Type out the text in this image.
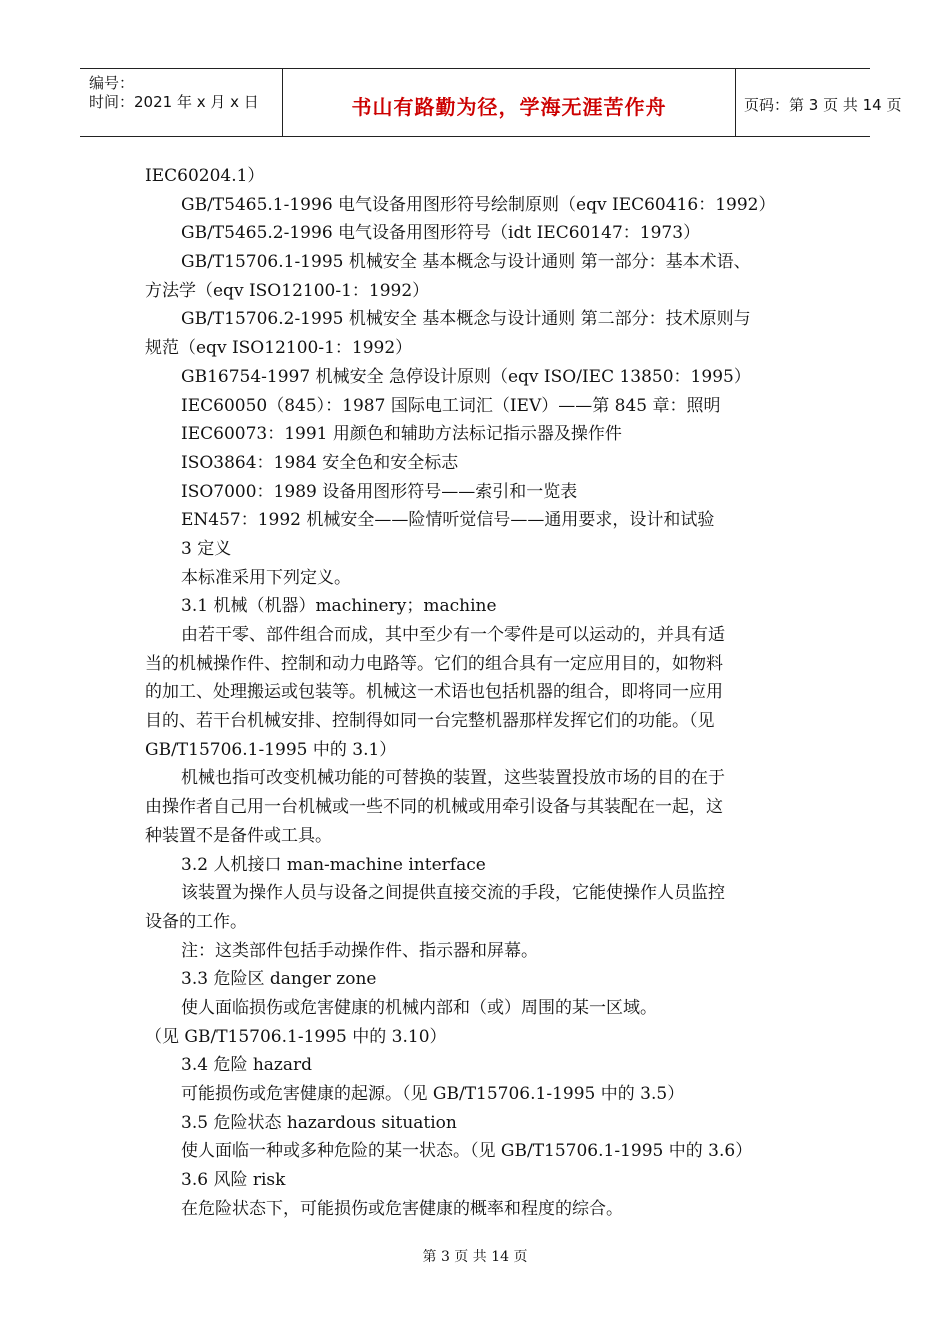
编号：
时间：2021 年 x 月 x 日	书山有路勤为径，学海无涯苦作舟	页码：第 3 页 共 14 页
IEC60204.1）
GB/T5465.1-1996 电气设备用图形符号绘制原则（eqv IEC60416：1992）
GB/T5465.2-1996 电气设备用图形符号（idt IEC60147：1973）
GB/T15706.1-1995 机械安全 基本概念与设计通则 第一部分：基本术语、
方法学（eqv ISO12100-1：1992）
GB/T15706.2-1995 机械安全 基本概念与设计通则 第二部分：技术原则与
规范（eqv ISO12100-1：1992）
GB16754-1997 机械安全 急停设计原则（eqv ISO/IEC 13850：1995）
IEC60050（845）：1987 国际电工词汇（IEV）——第 845 章：照明
IEC60073：1991 用颜色和辅助方法标记指示器及操作件
ISO3864：1984 安全色和安全标志
ISO7000：1989 设备用图形符号——索引和一览表
EN457：1992 机械安全——险情听觉信号——通用要求，设计和试验
3 定义
本标准采用下列定义。
3.1 机械（机器）machinery；machine
由若干零、部件组合而成，其中至少有一个零件是可以运动的，并具有适
当的机械操作件、控制和动力电路等。它们的组合具有一定应用目的，如物料
的加工、处理搬运或包装等。机械这一术语也包括机器的组合，即将同一应用
目的、若干台机械安排、控制得如同一台完整机器那样发挥它们的功能。（见
GB/T15706.1-1995 中的 3.1）
机械也指可改变机械功能的可替换的装置，这些装置投放市场的目的在于
由操作者自己用一台机械或一些不同的机械或用牵引设备与其装配在一起，这
种装置不是备件或工具。
3.2 人机接口 man-machine interface
该装置为操作人员与设备之间提供直接交流的手段，它能使操作人员监控
设备的工作。
注：这类部件包括手动操作件、指示器和屏幕。
3.3 危险区 danger zone
使人面临损伤或危害健康的机械内部和（或）周围的某一区域。
（见 GB/T15706.1-1995 中的 3.10）
3.4 危险 hazard
可能损伤或危害健康的起源。（见 GB/T15706.1-1995 中的 3.5）
3.5 危险状态 hazardous situation
使人面临一种或多种危险的某一状态。（见 GB/T15706.1-1995 中的 3.6）
3.6 风险 risk
在危险状态下，可能损伤或危害健康的概率和程度的综合。
第 3 页 共 14 页
